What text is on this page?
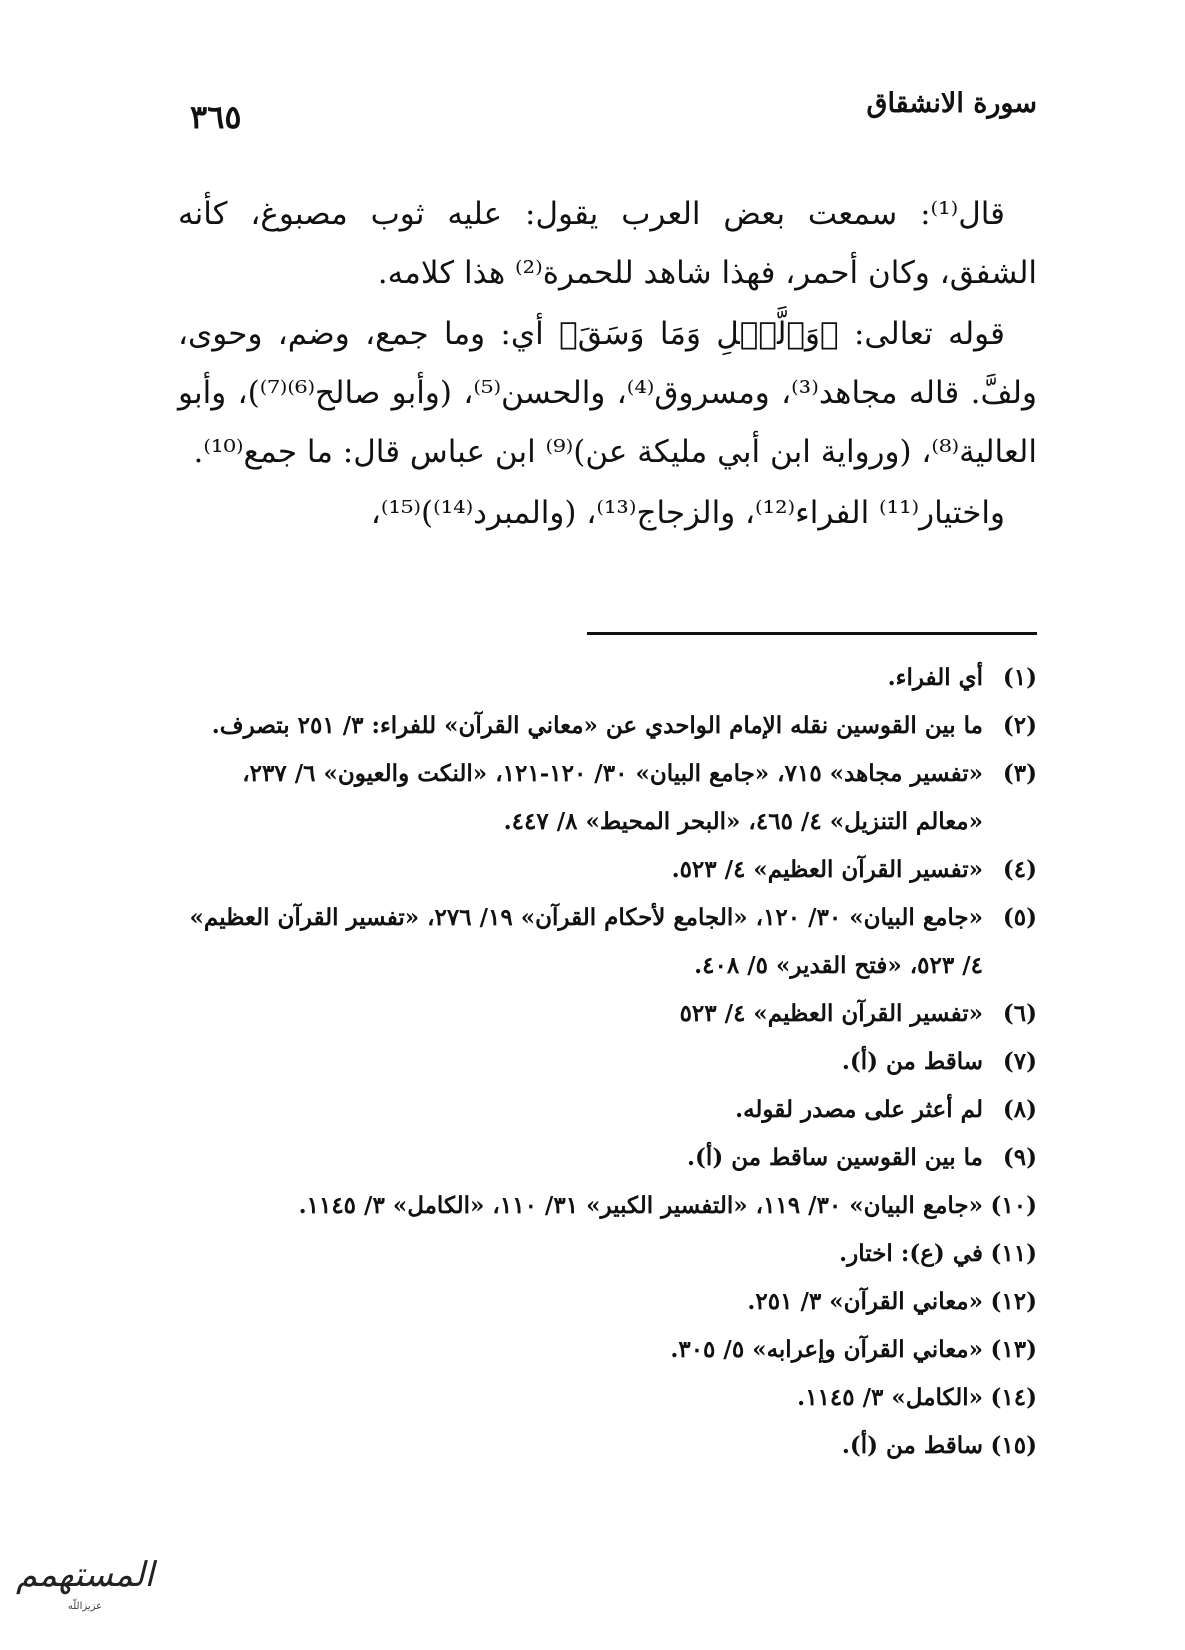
سورة الانشقاق
٣٦٥

قال⁽¹⁾: سمعت بعض العرب يقول: عليه ثوب مصبوغ، كأنه الشفق، وكان أحمر، فهذا شاهد للحمرة⁽²⁾ هذا كلامه.

قوله تعالى: ﴿وَٱلَّيۡلِ وَمَا وَسَقَ﴾ أي: وما جمع، وضم، وحوى، ولفَّ. قاله مجاهد⁽³⁾، ومسروق⁽⁴⁾، والحسن⁽⁵⁾، (وأبو صالح⁽⁶⁾⁽⁷⁾)، وأبو العالية⁽⁸⁾، (ورواية ابن أبي مليكة عن)⁽⁹⁾ ابن عباس قال: ما جمع⁽¹⁰⁾.

واختيار⁽¹¹⁾ الفراء⁽¹²⁾، والزجاج⁽¹³⁾، (والمبرد⁽¹⁴⁾)⁽¹⁵⁾،

(١)
أي الفراء.
(٢)
ما بين القوسين نقله الإمام الواحدي عن «معاني القرآن» للفراء: ٣/ ٢٥١ بتصرف.
(٣)
«تفسير مجاهد» ٧١٥، «جامع البيان» ٣٠/ ١٢٠-١٢١، «النكت والعيون» ٦/ ٢٣٧، «معالم التنزيل» ٤/ ٤٦٥، «البحر المحيط» ٨/ ٤٤٧.
(٤)
«تفسير القرآن العظيم» ٤/ ٥٢٣.
(٥)
«جامع البيان» ٣٠/ ١٢٠، «الجامع لأحكام القرآن» ١٩/ ٢٧٦، «تفسير القرآن العظيم» ٤/ ٥٢٣، «فتح القدير» ٥/ ٤٠٨.
(٦)
«تفسير القرآن العظيم» ٤/ ٥٢٣
(٧)
ساقط من (أ).
(٨)
لم أعثر على مصدر لقوله.
(٩)
ما بين القوسين ساقط من (أ).
(١٠)
«جامع البيان» ٣٠/ ١١٩، «التفسير الكبير» ٣١/ ١١٠، «الكامل» ٣/ ١١٤٥.
(١١)
في (ع): اختار.
(١٢)
«معاني القرآن» ٣/ ٢٥١.
(١٣)
«معاني القرآن وإعرابه» ٥/ ٣٠٥.
(١٤)
«الكامل» ٣/ ١١٤٥.
(١٥)
ساقط من (أ).
المستهمم
عزيزاللّه
